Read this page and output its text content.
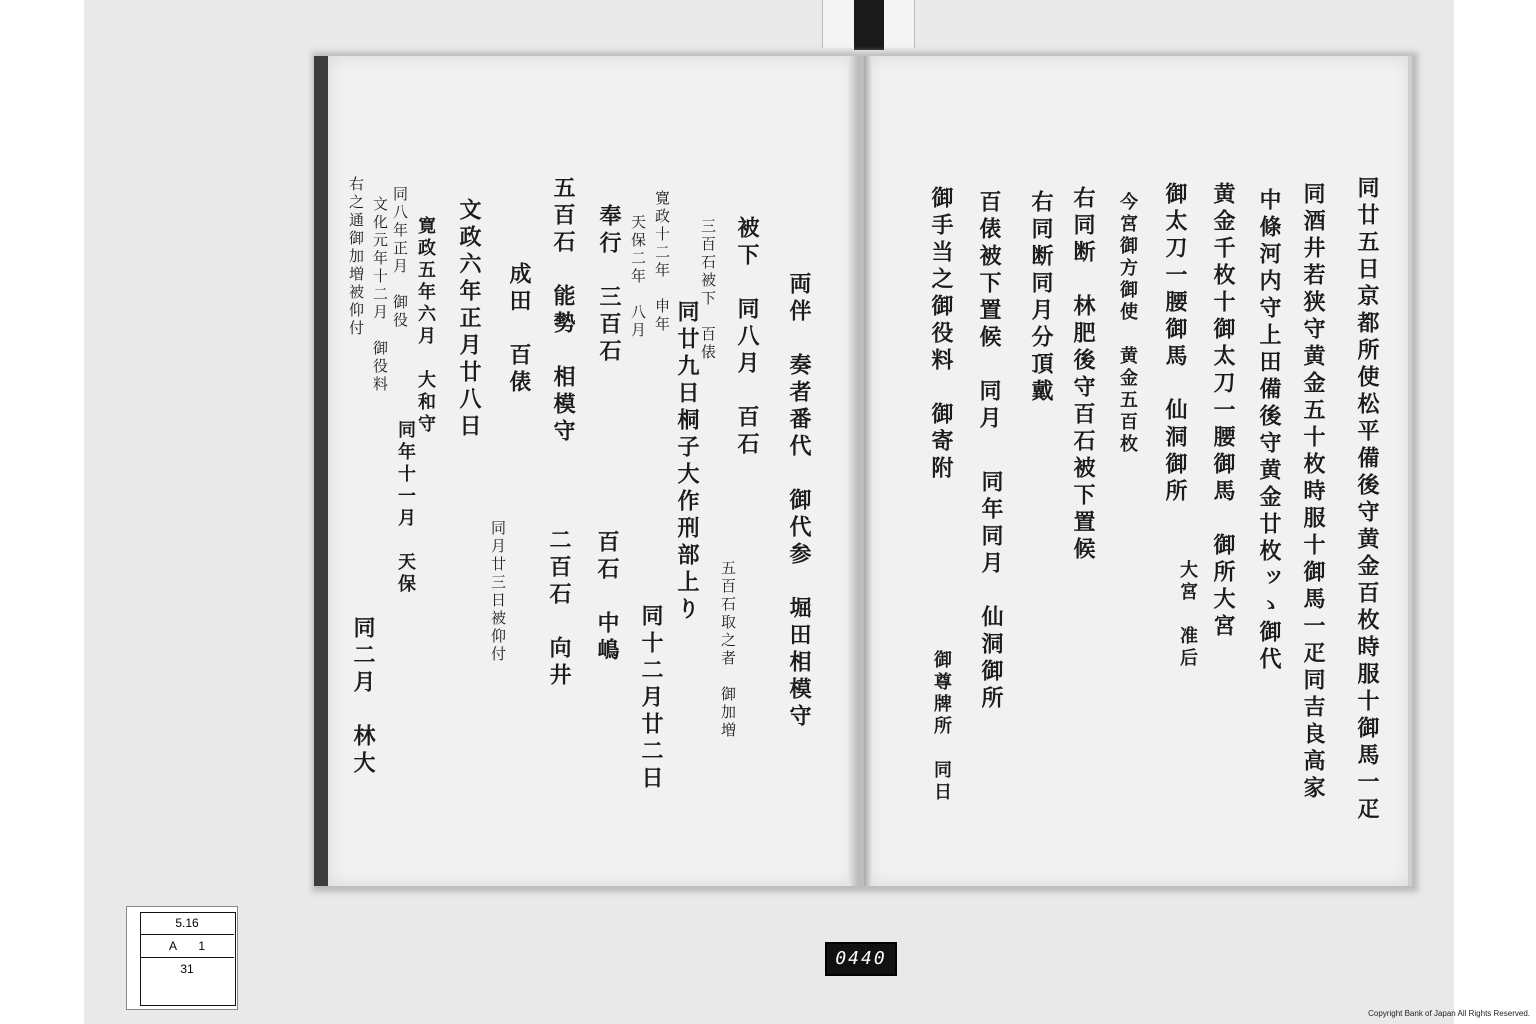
同廿五日京都所使松平備後守黄金百枚時服十御馬一疋
同酒井若狭守黄金五十枚時服十御馬一疋同吉良高家
中條河内守上田備後守黄金廿枚ッゝ御代
黄金千枚十御太刀一腰御馬　御所大宮
御太刀一腰御馬　仙洞御所
今宮御方御使　黄金五百枚
右同断　林肥後守百石被下置候
右同断同月分頂戴
同年同月　仙洞御所
百俵被下置候　同月
御手当之御役料　御寄附
大宮　准后
御尊牌所　同日
両伴　奏者番代　御代参　堀田相模守
同廿九日桐子大作刑部上り 被下　同八月　百石
五百石　能勢　相模守 奉行　三百石
同十二月廿二日
二百石　向井 百石　中嶋
成田　百俵
文政六年正月廿八日
寛政五年六月　大和守
同年十一月　天保
同二月　林大	五百石取之者　御加増
三百石被下　百俵
寛政十二年　申年
天保二年　八月
同八年正月　御役
文化元年十二月　御役料
右之通御加増被仰付
同月廿三日被仰付
5.16
A 1
31	0440
Copyright Bank of Japan All Rights Reserved.
